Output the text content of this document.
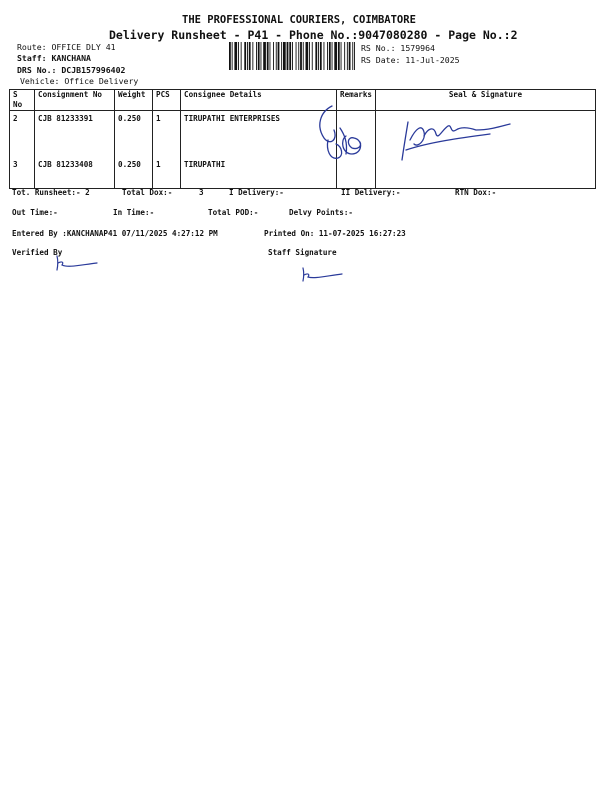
THE PROFESSIONAL COURIERS, COIMBATORE
Delivery Runsheet - P41 - Phone No.:9047080280 - Page No.:2
Route: OFFICE DLY 41
Staff: KANCHANA
DRS No.: DCJB157996402
Vehicle: Office Delivery
RS No.: 1579964
RS Date: 11-Jul-2025
S No	Consignment No	Weight	PCS	Consignee Details	Remarks	Seal & Signature
2	CJB 81233391	0.250	1	TIRUPATHI ENTERPRISES		
3	CJB 81233408	0.250	1	TIRUPATHI		
Tot. Runsheet:- 2	Total Dox:-	3	I Delivery:-	II Delivery:-	RTN Dox:-
Out Time:-	In Time:-	Total POD:-	Delvy Points:-
Entered By :KANCHANAP41 07/11/2025 4:27:12 PM	Printed On: 11-07-2025 16:27:23
Verified By	Staff Signature
